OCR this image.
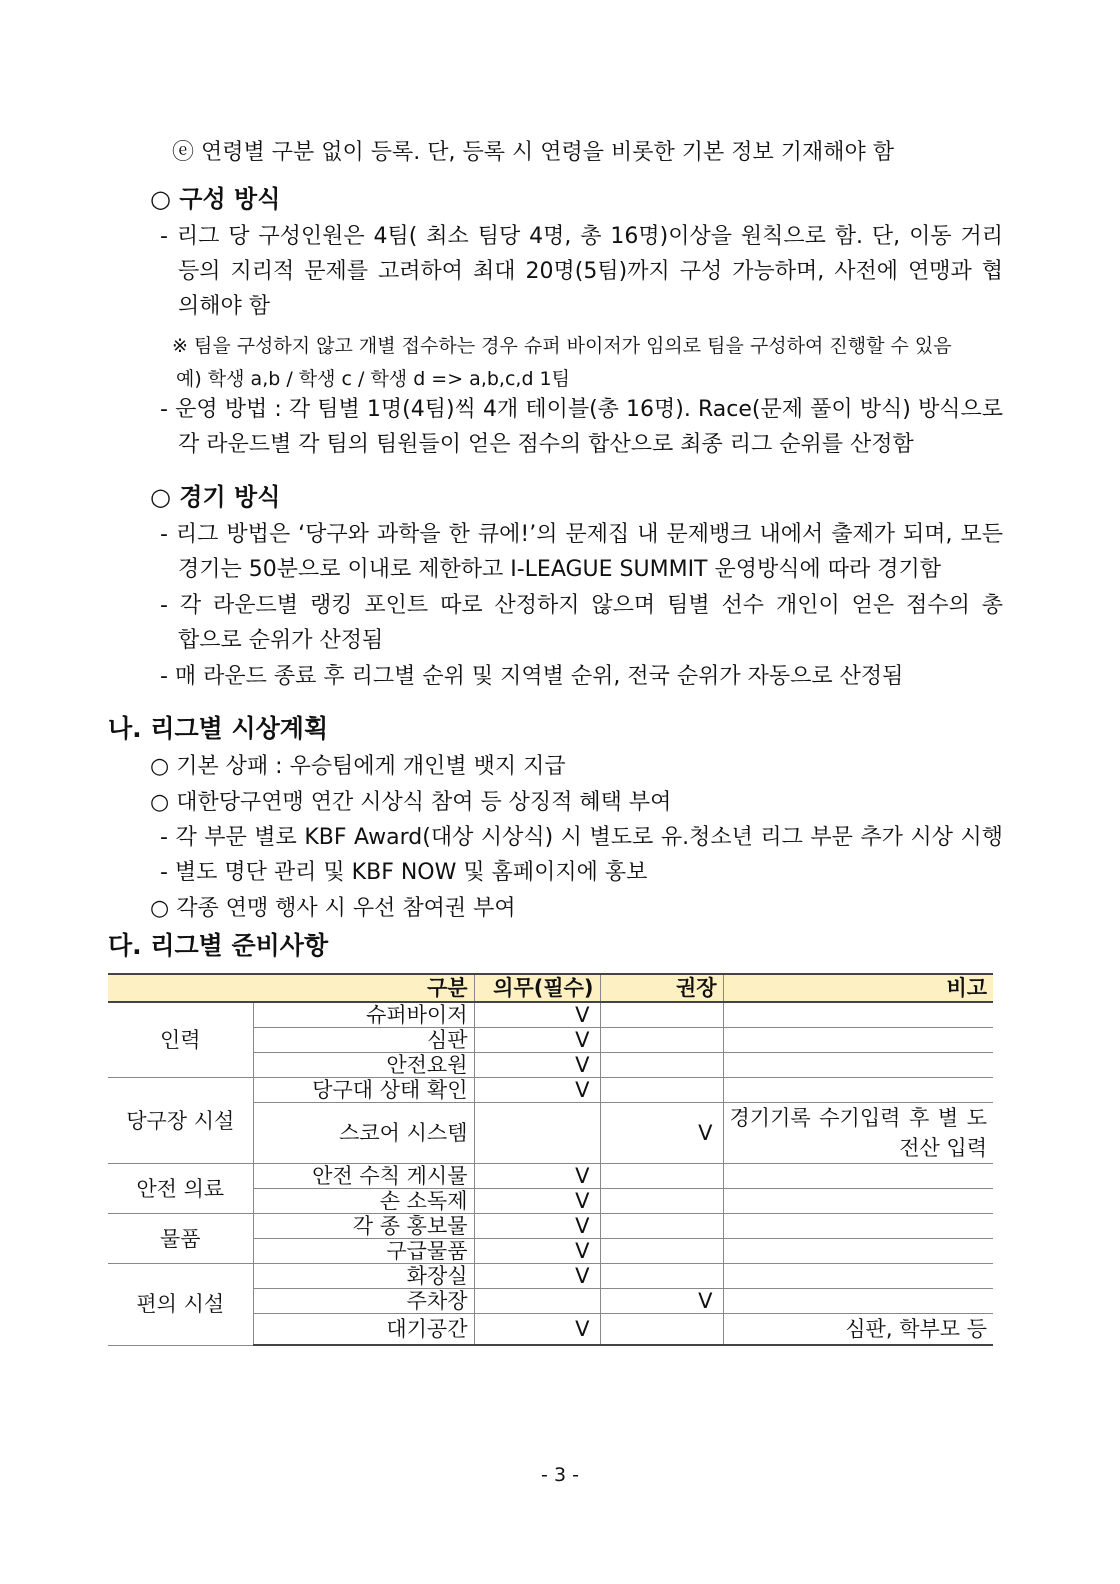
ⓔ 연령별 구분 없이 등록. 단, 등록 시 연령을 비롯한 기본 정보 기재해야 함
○ 구성 방식
- 리그 당 구성인원은 4팀( 최소 팀당 4명, 총 16명)이상을 원칙으로 함. 단, 이동 거리
등의 지리적 문제를 고려하여 최대 20명(5팀)까지 구성 가능하며, 사전에 연맹과 협
의해야 함
※ 팀을 구성하지 않고 개별 접수하는 경우 슈퍼 바이저가 임의로 팀을 구성하여 진행할 수 있음
예) 학생 a,b / 학생 c / 학생 d => a,b,c,d 1팀
- 운영 방법 : 각 팀별 1명(4팀)씩 4개 테이블(총 16명). Race(문제 풀이 방식) 방식으로
각 라운드별 각 팀의 팀원들이 얻은 점수의 합산으로 최종 리그 순위를 산정함
○ 경기 방식
- 리그 방법은 ‘당구와 과학을 한 큐에!’의 문제집 내 문제뱅크 내에서 출제가 되며, 모든
경기는 50분으로 이내로 제한하고 I-LEAGUE SUMMIT 운영방식에 따라 경기함
- 각 라운드별 랭킹 포인트 따로 산정하지 않으며 팀별 선수 개인이 얻은 점수의 총
합으로 순위가 산정됨
- 매 라운드 종료 후 리그별 순위 및 지역별 순위, 전국 순위가 자동으로 산정됨
나. 리그별 시상계획
○ 기본 상패 : 우승팀에게 개인별 뱃지 지급
○ 대한당구연맹 연간 시상식 참여 등 상징적 혜택 부여
- 각 부문 별로 KBF Award(대상 시상식) 시 별도로 유.청소년 리그 부문 추가 시상 시행
- 별도 명단 관리 및 KBF NOW 및 홈페이지에 홍보
○ 각종 연맹 행사 시 우선 참여권 부여
다. 리그별 준비사항
구분		의무(필수)	권장	비고
인력	슈퍼바이저	V		
	심판	V		
	안전요원	V		
당구장 시설	당구대 상태 확인	V		
	스코어 시스템		V	경기기록 수기입력 후 별 도 전산 입력
안전 의료	안전 수칙 게시물	V		
	손 소독제	V		
물품	각 종 홍보물	V		
	구급물품	V		
편의 시설	화장실	V		
	주차장		V	
	대기공간	V		심판, 학부모 등
- 3 -
